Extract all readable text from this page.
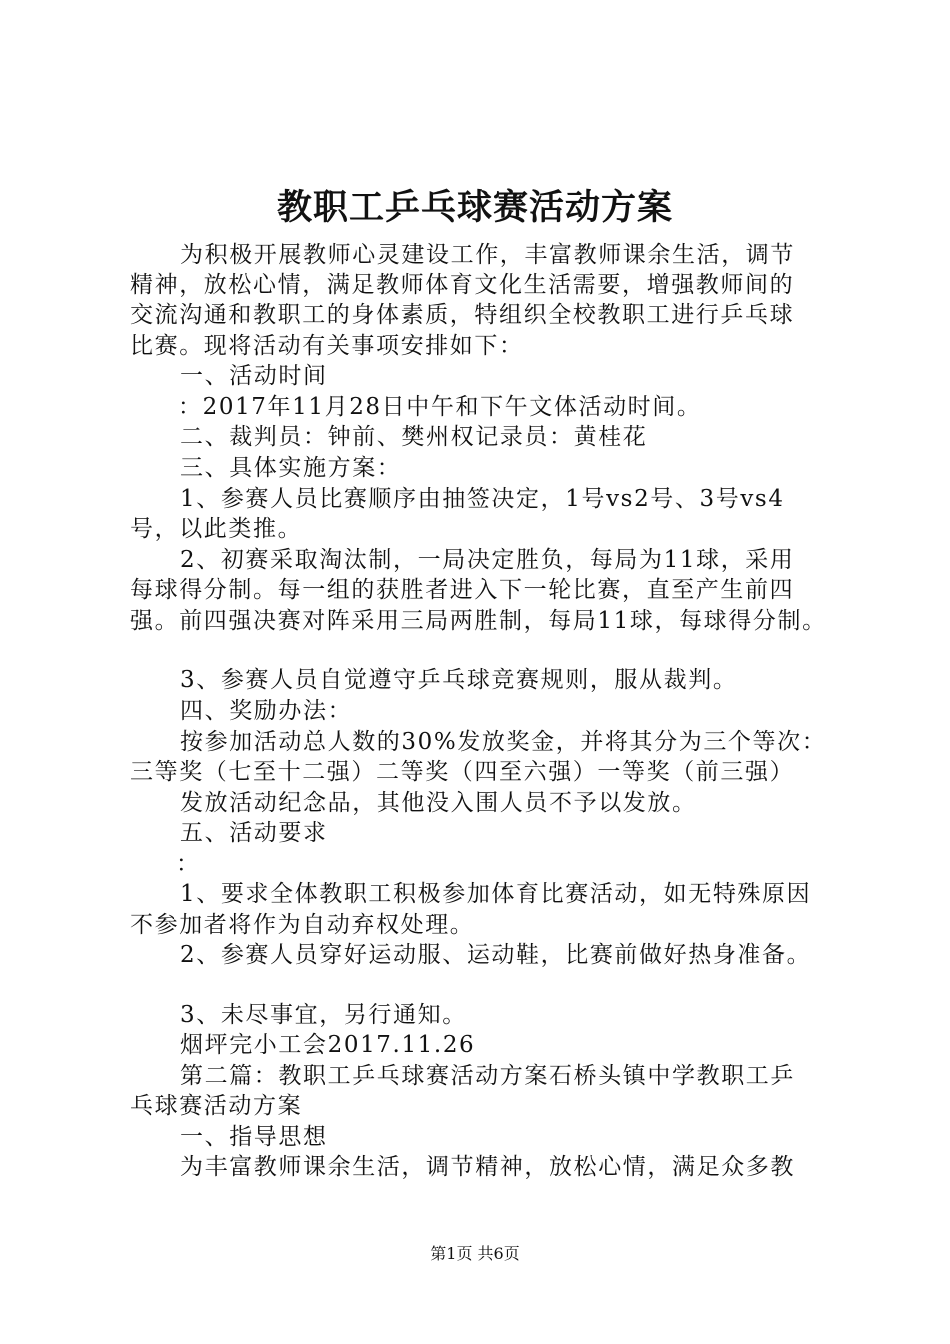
教职工乒乓球赛活动方案
为积极开展教师心灵建设工作，丰富教师课余生活，调节
精神，放松心情，满足教师体育文化生活需要，增强教师间的
交流沟通和教职工的身体素质，特组织全校教职工进行乒乓球
比赛。现将活动有关事项安排如下：
一、活动时间
：2017年11月28日中午和下午文体活动时间。
二、裁判员：钟前、樊州权记录员：黄桂花
三、具体实施方案：
1、参赛人员比赛顺序由抽签决定，1号vs2号、3号vs4
号，以此类推。
2、初赛采取淘汰制，一局决定胜负，每局为11球，采用
每球得分制。每一组的获胜者进入下一轮比赛，直至产生前四
强。前四强决赛对阵采用三局两胜制，每局11球，每球得分制。
3、参赛人员自觉遵守乒乓球竞赛规则，服从裁判。
四、奖励办法：
按参加活动总人数的30%发放奖金，并将其分为三个等次：
三等奖（七至十二强）二等奖（四至六强）一等奖（前三强）
发放活动纪念品，其他没入围人员不予以发放。
五、活动要求
：
1、要求全体教职工积极参加体育比赛活动，如无特殊原因
不参加者将作为自动弃权处理。
2、参赛人员穿好运动服、运动鞋，比赛前做好热身准备。
3、未尽事宜，另行通知。
烟坪完小工会2017.11.26
第二篇：教职工乒乓球赛活动方案石桥头镇中学教职工乒
乓球赛活动方案
一、指导思想
为丰富教师课余生活，调节精神，放松心情，满足众多教
第1页 共6页
